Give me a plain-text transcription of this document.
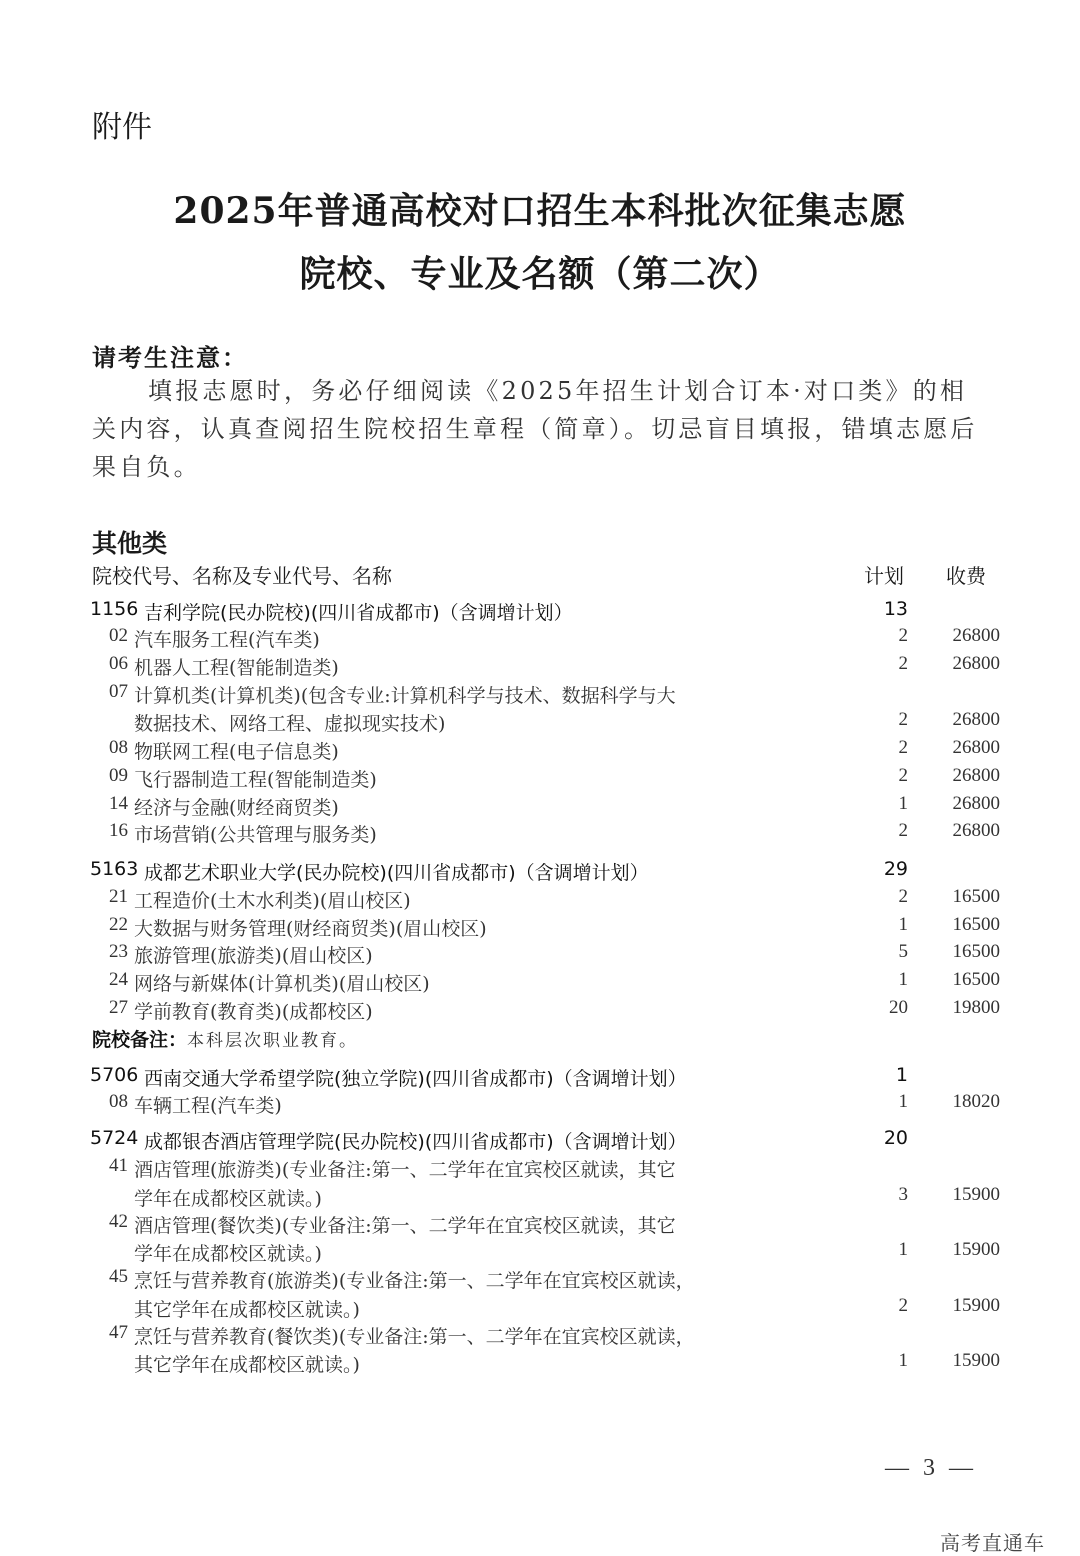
附件
2025年普通高校对口招生本科批次征集志愿
院校、专业及名额（第二次）
请考生注意：
填报志愿时，务必仔细阅读《2025年招生计划合订本·对口类》的相关内容，认真查阅招生院校招生章程（简章）。切忌盲目填报，错填志愿后果自负。
其他类
院校代号、名称及专业代号、名称	计划 收费
1156 吉利学院(民办院校)(四川省成都市)（含调增计划）	13
02 汽车服务工程(汽车类)	2	26800
06 机器人工程(智能制造类)	2	26800
07 计算机类(计算机类)(包含专业:计算机科学与技术、数据科学与大
数据技术、网络工程、虚拟现实技术)	2	26800
08 物联网工程(电子信息类)	2	26800
09 飞行器制造工程(智能制造类)	2	26800
14 经济与金融(财经商贸类)	1	26800
16 市场营销(公共管理与服务类)	2	26800
5163 成都艺术职业大学(民办院校)(四川省成都市)（含调增计划）	29
21 工程造价(土木水利类)(眉山校区)	2	16500
22 大数据与财务管理(财经商贸类)(眉山校区)	1	16500
23 旅游管理(旅游类)(眉山校区)	5	16500
24 网络与新媒体(计算机类)(眉山校区)	1	16500
27 学前教育(教育类)(成都校区)	20	19800
院校备注：本科层次职业教育。
5706 西南交通大学希望学院(独立学院)(四川省成都市)（含调增计划）	1
08 车辆工程(汽车类)	1	18020
5724 成都银杏酒店管理学院(民办院校)(四川省成都市)（含调增计划）	20
41 酒店管理(旅游类)(专业备注:第一、二学年在宜宾校区就读，其它
学年在成都校区就读。)	3	15900
42 酒店管理(餐饮类)(专业备注:第一、二学年在宜宾校区就读，其它
学年在成都校区就读。)	1	15900
45 烹饪与营养教育(旅游类)(专业备注:第一、二学年在宜宾校区就读，
其它学年在成都校区就读。)	2	15900
47 烹饪与营养教育(餐饮类)(专业备注:第一、二学年在宜宾校区就读，
其它学年在成都校区就读。)	1	15900
— 3 —
高考直通车
